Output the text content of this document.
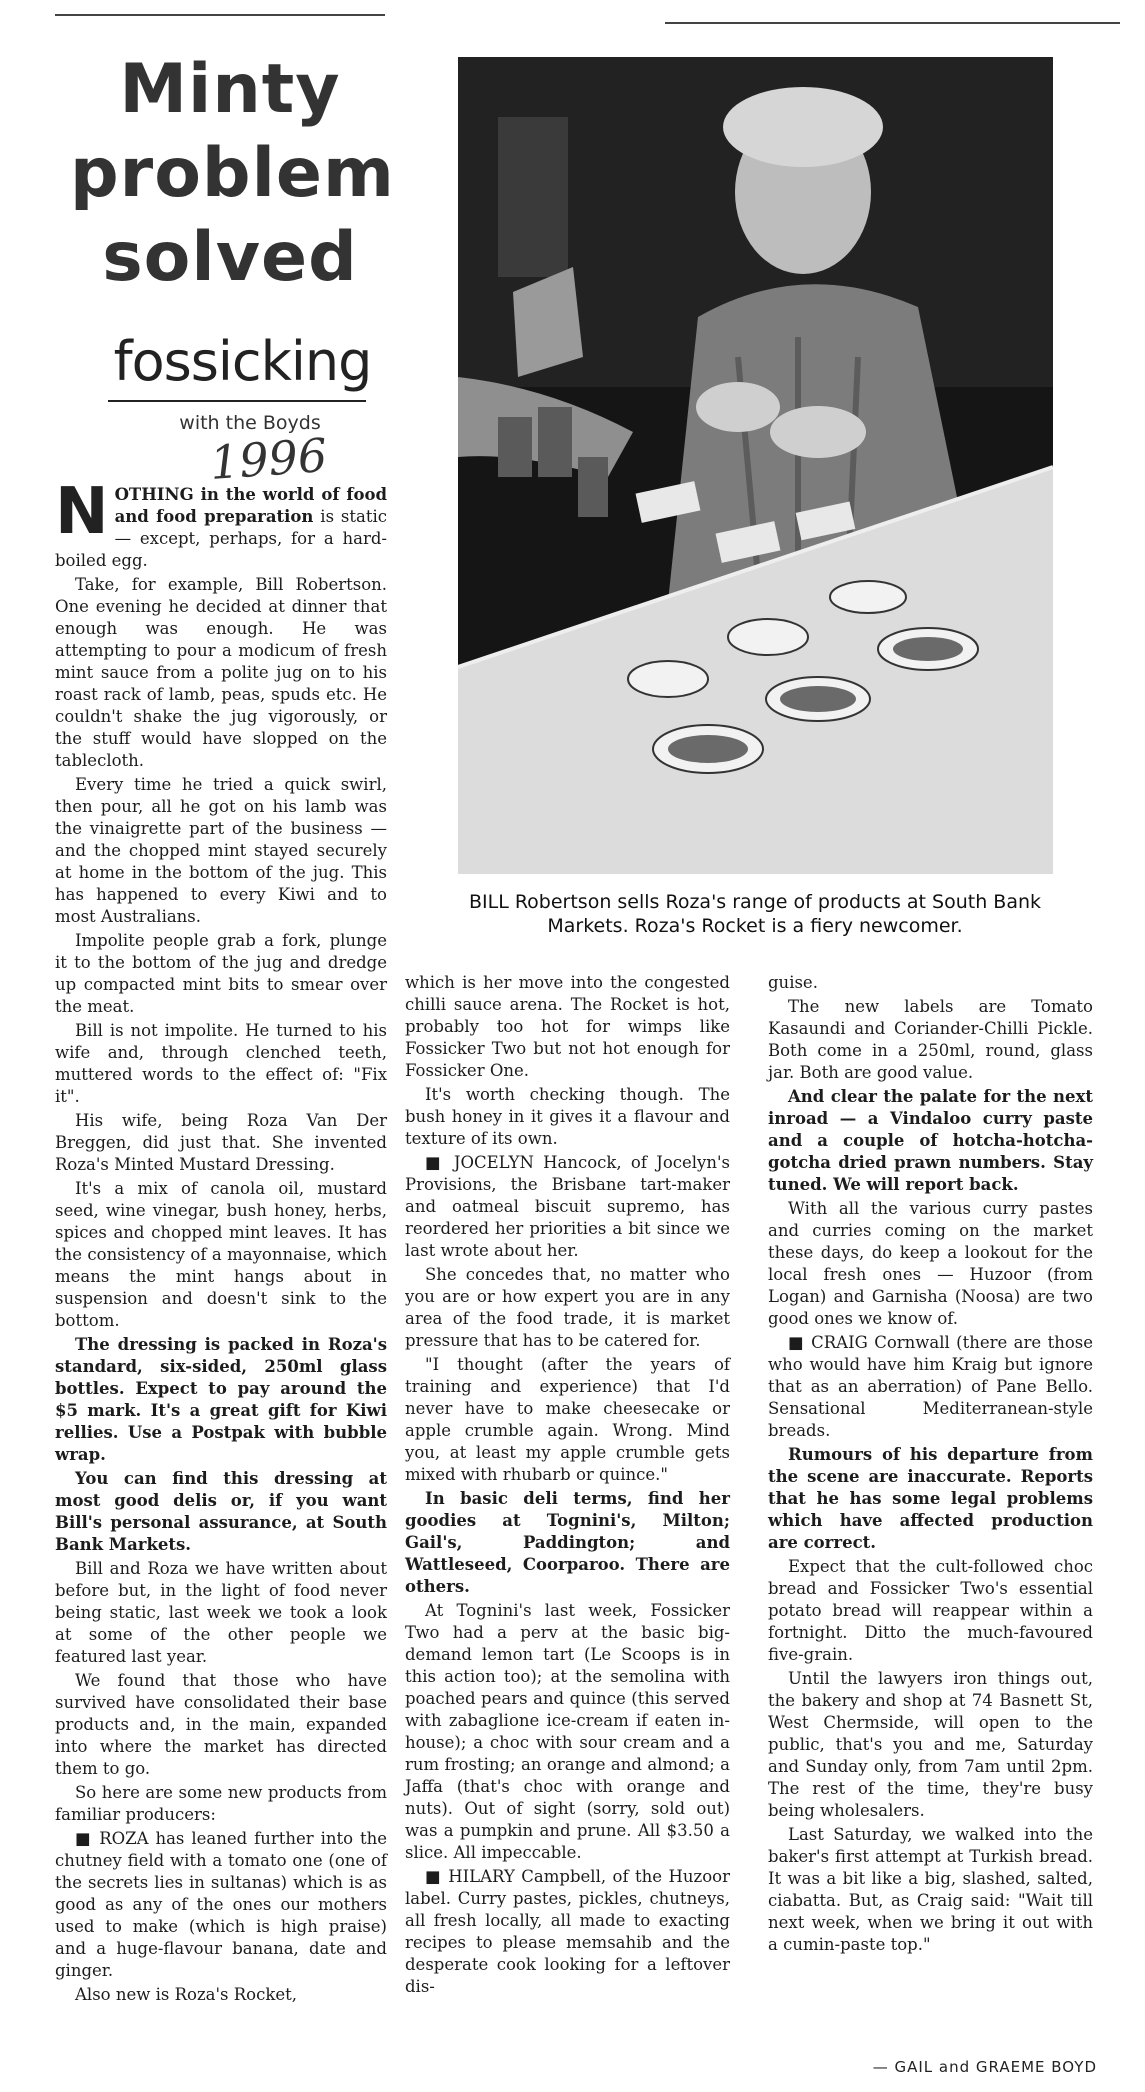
Minty problem solved
fossicking
with the Boyds
1996
BILL Robertson sells Roza's range of products at South Bank Markets. Roza's Rocket is a fiery newcomer.

NOTHING in the world of food and food preparation is static — except, perhaps, for a hard-boiled egg.

Take, for example, Bill Robertson. One evening he decided at dinner that enough was enough. He was attempting to pour a modicum of fresh mint sauce from a polite jug on to his roast rack of lamb, peas, spuds etc. He couldn't shake the jug vigorously, or the stuff would have slopped on the tablecloth.

Every time he tried a quick swirl, then pour, all he got on his lamb was the vinaigrette part of the business — and the chopped mint stayed securely at home in the bottom of the jug. This has happened to every Kiwi and to most Australians.

Impolite people grab a fork, plunge it to the bottom of the jug and dredge up compacted mint bits to smear over the meat.

Bill is not impolite. He turned to his wife and, through clenched teeth, muttered words to the effect of: "Fix it".

His wife, being Roza Van Der Breggen, did just that. She invented Roza's Minted Mustard Dressing.

It's a mix of canola oil, mustard seed, wine vinegar, bush honey, herbs, spices and chopped mint leaves. It has the consistency of a mayonnaise, which means the mint hangs about in suspension and doesn't sink to the bottom.

The dressing is packed in Roza's standard, six-sided, 250ml glass bottles. Expect to pay around the $5 mark. It's a great gift for Kiwi rellies. Use a Postpak with bubble wrap.

You can find this dressing at most good delis or, if you want Bill's personal assurance, at South Bank Markets.

Bill and Roza we have written about before but, in the light of food never being static, last week we took a look at some of the other people we featured last year.

We found that those who have survived have consolidated their base products and, in the main, expanded into where the market has directed them to go.

So here are some new products from familiar producers:

■ ROZA has leaned further into the chutney field with a tomato one (one of the secrets lies in sultanas) which is as good as any of the ones our mothers used to make (which is high praise) and a huge-flavour banana, date and ginger.

Also new is Roza's Rocket,

which is her move into the congested chilli sauce arena. The Rocket is hot, probably too hot for wimps like Fossicker Two but not hot enough for Fossicker One.

It's worth checking though. The bush honey in it gives it a flavour and texture of its own.

■ JOCELYN Hancock, of Jocelyn's Provisions, the Brisbane tart-maker and oatmeal biscuit supremo, has reordered her priorities a bit since we last wrote about her.

She concedes that, no matter who you are or how expert you are in any area of the food trade, it is market pressure that has to be catered for.

"I thought (after the years of training and experience) that I'd never have to make cheesecake or apple crumble again. Wrong. Mind you, at least my apple crumble gets mixed with rhubarb or quince."

In basic deli terms, find her goodies at Tognini's, Milton; Gail's, Paddington; and Wattleseed, Coorparoo. There are others.

At Tognini's last week, Fossicker Two had a perv at the basic big-demand lemon tart (Le Scoops is in this action too); at the semolina with poached pears and quince (this served with zabaglione ice-cream if eaten in-house); a choc with sour cream and a rum frosting; an orange and almond; a Jaffa (that's choc with orange and nuts). Out of sight (sorry, sold out) was a pumpkin and prune. All $3.50 a slice. All impeccable.

■ HILARY Campbell, of the Huzoor label. Curry pastes, pickles, chutneys, all fresh locally, all made to exacting recipes to please memsahib and the desperate cook looking for a leftover dis-

guise.

The new labels are Tomato Kasaundi and Coriander-Chilli Pickle. Both come in a 250ml, round, glass jar. Both are good value.

And clear the palate for the next inroad — a Vindaloo curry paste and a couple of hotcha-hotcha-gotcha dried prawn numbers. Stay tuned. We will report back.

With all the various curry pastes and curries coming on the market these days, do keep a lookout for the local fresh ones — Huzoor (from Logan) and Garnisha (Noosa) are two good ones we know of.

■ CRAIG Cornwall (there are those who would have him Kraig but ignore that as an aberration) of Pane Bello. Sensational Mediterranean-style breads.

Rumours of his departure from the scene are inaccurate. Reports that he has some legal problems which have affected production are correct.

Expect that the cult-followed choc bread and Fossicker Two's essential potato bread will reappear within a fortnight. Ditto the much-favoured five-grain.

Until the lawyers iron things out, the bakery and shop at 74 Basnett St, West Chermside, will open to the public, that's you and me, Saturday and Sunday only, from 7am until 2pm. The rest of the time, they're busy being wholesalers.

Last Saturday, we walked into the baker's first attempt at Turkish bread. It was a bit like a big, slashed, salted, ciabatta. But, as Craig said: "Wait till next week, when we bring it out with a cumin-paste top."

— GAIL and GRAEME BOYD
